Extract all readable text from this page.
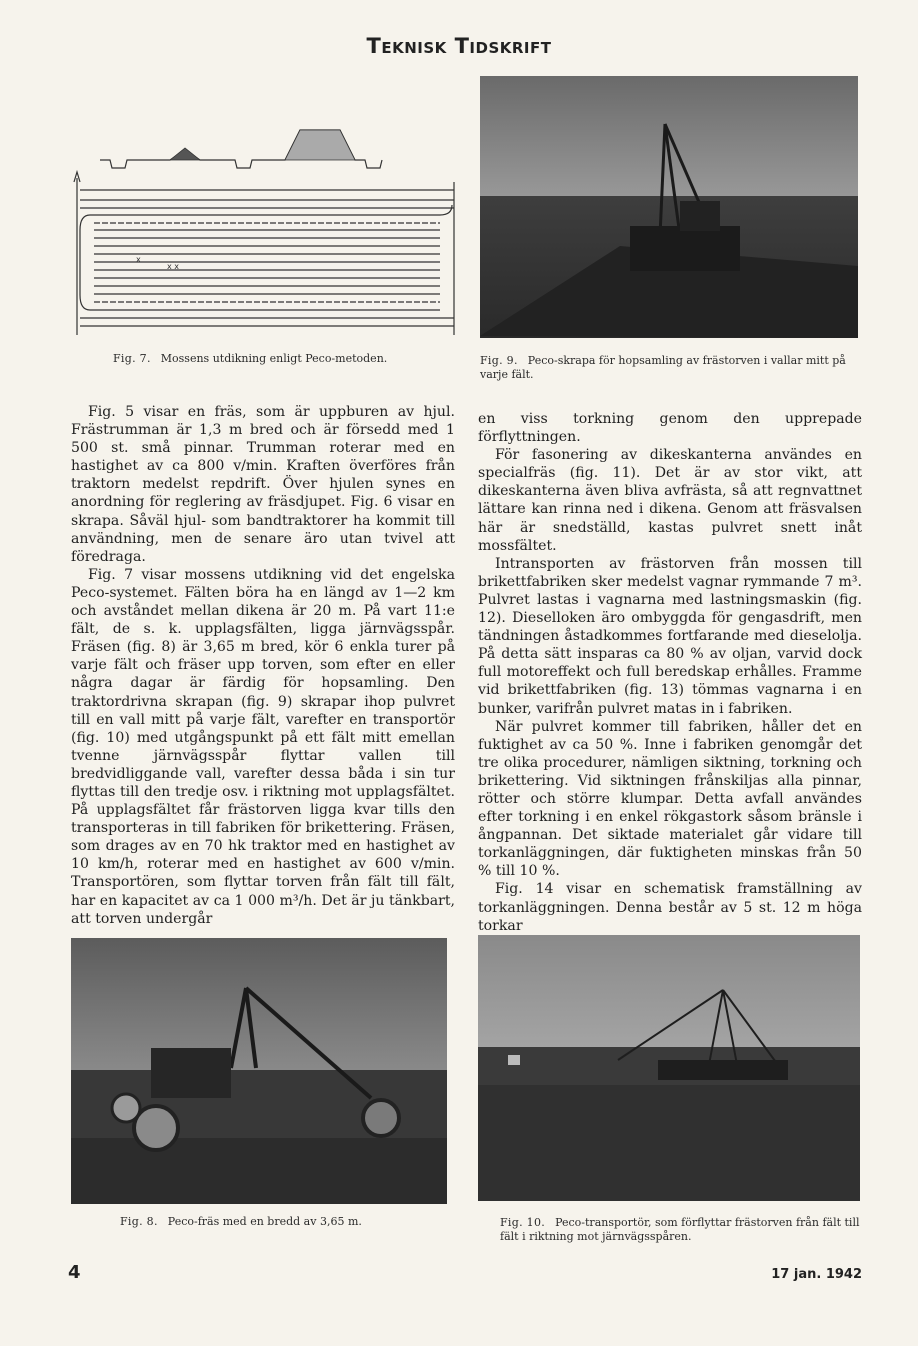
Teknisk Tidskrift
x
x x
Fig. 7. Mossens utdikning enligt Peco-metoden.	Fig. 9. Peco-skrapa för hopsamling av frästorven i vallar mitt på varje fält.

Fig. 5 visar en fräs, som är uppburen av hjul. Frästrumman är 1,3 m bred och är försedd med 1 500 st. små pinnar. Trumman roterar med en hastighet av ca 800 v/min. Kraften överföres från traktorn medelst repdrift. Över hjulen synes en anordning för reglering av fräsdjupet. Fig. 6 visar en skrapa. Såväl hjul- som bandtraktorer ha kommit till användning, men de senare äro utan tvivel att föredraga.

Fig. 7 visar mossens utdikning vid det engelska Peco-systemet. Fälten böra ha en längd av 1—2 km och avståndet mellan dikena är 20 m. På vart 11:e fält, de s. k. upplagsfälten, ligga järnvägsspår. Fräsen (fig. 8) är 3,65 m bred, kör 6 enkla turer på varje fält och fräser upp torven, som efter en eller några dagar är färdig för hopsamling. Den traktordrivna skrapan (fig. 9) skrapar ihop pulvret till en vall mitt på varje fält, varefter en transportör (fig. 10) med utgångspunkt på ett fält mitt emellan tvenne järnvägsspår flyttar vallen till bredvidliggande vall, varefter dessa båda i sin tur flyttas till den tredje osv. i riktning mot upplagsfältet. På upplagsfältet får frästorven ligga kvar tills den transporteras in till fabriken för brikettering. Fräsen, som drages av en 70 hk traktor med en hastighet av 10 km/h, roterar med en hastighet av 600 v/min. Transportören, som flyttar torven från fält till fält, har en kapacitet av ca 1 000 m³/h. Det är ju tänkbart, att torven undergår

en viss torkning genom den upprepade förflyttningen.

För fasonering av dikeskanterna användes en specialfräs (fig. 11). Det är av stor vikt, att dikeskanterna även bliva avfrästa, så att regnvattnet lättare kan rinna ned i dikena. Genom att fräsvalsen här är snedställd, kastas pulvret snett inåt mossfältet.

Intransporten av frästorven från mossen till brikettfabriken sker medelst vagnar rymmande 7 m³. Pulvret lastas i vagnarna med lastningsmaskin (fig. 12). Dieselloken äro ombyggda för gengasdrift, men tändningen åstadkommes fortfarande med dieselolja. På detta sätt insparas ca 80 % av oljan, varvid dock full motoreffekt och full beredskap erhålles. Framme vid brikettfabriken (fig. 13) tömmas vagnarna i en bunker, varifrån pulvret matas in i fabriken.

När pulvret kommer till fabriken, håller det en fuktighet av ca 50 %. Inne i fabriken genomgår det tre olika procedurer, nämligen siktning, torkning och brikettering. Vid siktningen frånskiljas alla pinnar, rötter och större klumpar. Detta avfall användes efter torkning i en enkel rökgastork såsom bränsle i ångpannan. Det siktade materialet går vidare till torkanläggningen, där fuktigheten minskas från 50 % till 10 %.

Fig. 14 visar en schematisk framställning av torkanläggningen. Denna består av 5 st. 12 m höga torkar

Fig. 8. Peco-fräs med en bredd av 3,65 m.	Fig. 10. Peco-transportör, som förflyttar frästorven från fält till fält i riktning mot järnvägsspåren.
4	17 jan. 1942
